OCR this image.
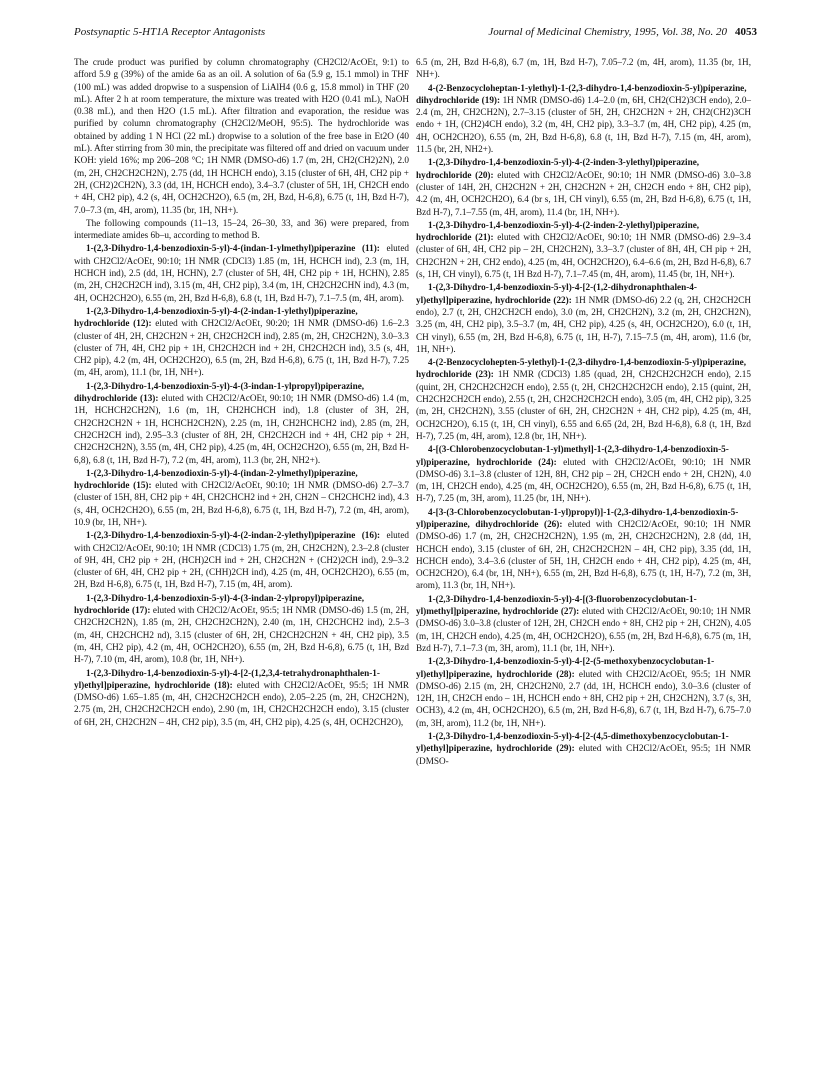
Postsynaptic 5-HT1A Receptor Antagonists	Journal of Medicinal Chemistry, 1995, Vol. 38, No. 20 4053

The crude product was purified by column chromatography (CH2Cl2/AcOEt, 9:1) to afford 5.9 g (39%) of the amide 6a as an oil. A solution of 6a (5.9 g, 15.1 mmol) in THF (100 mL) was added dropwise to a suspension of LiAlH4 (0.6 g, 15.8 mmol) in THF (20 mL). After 2 h at room temperature, the mixture was treated with H2O (0.41 mL), NaOH (0.38 mL), and then H2O (1.5 mL). After filtration and evaporation, the residue was purified by column chromatography (CH2Cl2/MeOH, 95:5). The hydrochloride was obtained by adding 1 N HCl (22 mL) dropwise to a solution of the free base in Et2O (40 mL). After stirring from 30 min, the precipitate was filtered off and dried on vacuum under KOH: yield 16%; mp 206–208 °C; 1H NMR (DMSO-d6) 1.7 (m, 2H, CH2(CH2)2N), 2.0 (m, 2H, CH2CH2CH2N), 2.75 (dd, 1H HCHCH endo), 3.15 (cluster of 6H, 4H, CH2 pip + 2H, (CH2)2CH2N), 3.3 (dd, 1H, HCHCH endo), 3.4–3.7 (cluster of 5H, 1H, CH2CH endo + 4H, CH2 pip), 4.2 (s, 4H, OCH2CH2O), 6.5 (m, 2H, Bzd, H-6,8), 6.75 (t, 1H, Bzd H-7), 7.0–7.3 (m, 4H, arom), 11.35 (br, 1H, NH+).

The following compounds (11–13, 15–24, 26–30, 33, and 36) were prepared, from intermediate amides 6b–u, according to method B.

1-(2,3-Dihydro-1,4-benzodioxin-5-yl)-4-(indan-1-ylmethyl)piperazine (11): eluted with CH2Cl2/AcOEt, 90:10; 1H NMR (CDCl3) 1.85 (m, 1H, HCHCH ind), 2.3 (m, 1H, HCHCH ind), 2.5 (dd, 1H, HCHN), 2.7 (cluster of 5H, 4H, CH2 pip + 1H, HCHN), 2.85 (m, 2H, CH2CH2CH ind), 3.15 (m, 4H, CH2 pip), 3.4 (m, 1H, CH2CH2CHN ind), 4.3 (m, 4H, OCH2CH2O), 6.55 (m, 2H, Bzd H-6,8), 6.8 (t, 1H, Bzd H-7), 7.1–7.5 (m, 4H, arom).

1-(2,3-Dihydro-1,4-benzodioxin-5-yl)-4-(2-indan-1-ylethyl)piperazine, hydrochloride (12): eluted with CH2Cl2/AcOEt, 90:20; 1H NMR (DMSO-d6) 1.6–2.3 (cluster of 4H, 2H, CH2CH2N + 2H, CH2CH2CH ind), 2.85 (m, 2H, CH2CH2N), 3.0–3.3 (cluster of 7H, 4H, CH2 pip + 1H, CH2CH2CH ind + 2H, CH2CH2CH ind), 3.5 (s, 4H, CH2 pip), 4.2 (m, 4H, OCH2CH2O), 6.5 (m, 2H, Bzd H-6,8), 6.75 (t, 1H, Bzd H-7), 7.25 (m, 4H, arom), 11.1 (br, 1H, NH+).

1-(2,3-Dihydro-1,4-benzodioxin-5-yl)-4-(3-indan-1-ylpropyl)piperazine, dihydrochloride (13): eluted with CH2Cl2/AcOEt, 90:10; 1H NMR (DMSO-d6) 1.4 (m, 1H, HCHCH2CH2N), 1.6 (m, 1H, CH2HCHCH ind), 1.8 (cluster of 3H, 2H, CH2CH2CH2N + 1H, HCHCH2CH2N), 2.25 (m, 1H, CH2HCHCH2 ind), 2.85 (m, 2H, CH2CH2CH ind), 2.95–3.3 (cluster of 8H, 2H, CH2CH2CH ind + 4H, CH2 pip + 2H, CH2CH2CH2N), 3.55 (m, 4H, CH2 pip), 4.25 (m, 4H, OCH2CH2O), 6.55 (m, 2H, Bzd H-6,8), 6.8 (t, 1H, Bzd H-7), 7.2 (m, 4H, arom), 11.3 (br, 2H, NH2+).

1-(2,3-Dihydro-1,4-benzodioxin-5-yl)-4-(indan-2-ylmethyl)piperazine, hydrochloride (15): eluted with CH2Cl2/AcOEt, 90:10; 1H NMR (DMSO-d6) 2.7–3.7 (cluster of 15H, 8H, CH2 pip + 4H, CH2CHCH2 ind + 2H, CH2N – CH2CHCH2 ind), 4.3 (s, 4H, OCH2CH2O), 6.55 (m, 2H, Bzd H-6,8), 6.75 (t, 1H, Bzd H-7), 7.2 (m, 4H, arom), 10.9 (br, 1H, NH+).

1-(2,3-Dihydro-1,4-benzodioxin-5-yl)-4-(2-indan-2-ylethyl)piperazine (16): eluted with CH2Cl2/AcOEt, 90:10; 1H NMR (CDCl3) 1.75 (m, 2H, CH2CH2N), 2.3–2.8 (cluster of 9H, 4H, CH2 pip + 2H, (HCH)2CH ind + 2H, CH2CH2N + (CH2)2CH ind), 2.9–3.2 (cluster of 6H, 4H, CH2 pip + 2H, (CHH)2CH ind), 4.25 (m, 4H, OCH2CH2O), 6.55 (m, 2H, Bzd H-6,8), 6.75 (t, 1H, Bzd H-7), 7.15 (m, 4H, arom).

1-(2,3-Dihydro-1,4-benzodioxin-5-yl)-4-(3-indan-2-ylpropyl)piperazine, hydrochloride (17): eluted with CH2Cl2/AcOEt, 95:5; 1H NMR (DMSO-d6) 1.5 (m, 2H, CH2CH2CH2N), 1.85 (m, 2H, CH2CH2CH2N), 2.40 (m, 1H, CH2CHCH2 ind), 2.5–3 (m, 4H, CH2CHCH2 nd), 3.15 (cluster of 6H, 2H, CH2CH2CH2N + 4H, CH2 pip), 3.5 (m, 4H, CH2 pip), 4.2 (m, 4H, OCH2CH2O), 6.55 (m, 2H, Bzd H-6,8), 6.75 (t, 1H, Bzd H-7), 7.10 (m, 4H, arom), 10.8 (br, 1H, NH+).

1-(2,3-Dihydro-1,4-benzodioxin-5-yl)-4-[2-(1,2,3,4-tetrahydronaphthalen-1-yl)ethyl]piperazine, hydrochloride (18): eluted with CH2Cl2/AcOEt, 95:5; 1H NMR (DMSO-d6) 1.65–1.85 (m, 4H, CH2CH2CH2CH endo), 2.05–2.25 (m, 2H, CH2CH2N), 2.75 (m, 2H, CH2CH2CH2CH endo), 2.90 (m, 1H, CH2CH2CH2CH endo), 3.15 (cluster of 6H, 2H, CH2CH2N – 4H, CH2 pip), 3.5 (m, 4H, CH2 pip), 4.25 (s, 4H, OCH2CH2O),

6.5 (m, 2H, Bzd H-6,8), 6.7 (m, 1H, Bzd H-7), 7.05–7.2 (m, 4H, arom), 11.35 (br, 1H, NH+).

4-(2-Benzocycloheptan-1-ylethyl)-1-(2,3-dihydro-1,4-benzodioxin-5-yl)piperazine, dihydrochloride (19): 1H NMR (DMSO-d6) 1.4–2.0 (m, 6H, CH2(CH2)3CH endo), 2.0–2.4 (m, 2H, CH2CH2N), 2.7–3.15 (cluster of 5H, 2H, CH2CH2N + 2H, CH2(CH2)3CH endo + 1H, (CH2)4CH endo), 3.2 (m, 4H, CH2 pip), 3.3–3.7 (m, 4H, CH2 pip), 4.25 (m, 4H, OCH2CH2O), 6.55 (m, 2H, Bzd H-6,8), 6.8 (t, 1H, Bzd H-7), 7.15 (m, 4H, arom), 11.5 (br, 2H, NH2+).

1-(2,3-Dihydro-1,4-benzodioxin-5-yl)-4-(2-inden-3-ylethyl)piperazine, hydrochloride (20): eluted with CH2Cl2/AcOEt, 90:10; 1H NMR (DMSO-d6) 3.0–3.8 (cluster of 14H, 2H, CH2CH2N + 2H, CH2CH2N + 2H, CH2CH endo + 8H, CH2 pip), 4.2 (m, 4H, OCH2CH2O), 6.4 (br s, 1H, CH vinyl), 6.55 (m, 2H, Bzd H-6,8), 6.75 (t, 1H, Bzd H-7), 7.1–7.55 (m, 4H, arom), 11.4 (br, 1H, NH+).

1-(2,3-Dihydro-1,4-benzodioxin-5-yl)-4-(2-inden-2-ylethyl)piperazine, hydrochloride (21): eluted with CH2Cl2/AcOEt, 90:10; 1H NMR (DMSO-d6) 2.9–3.4 (cluster of 6H, 4H, CH2 pip – 2H, CH2CH2N), 3.3–3.7 (cluster of 8H, 4H, CH pip + 2H, CH2CH2N + 2H, CH2 endo), 4.25 (m, 4H, OCH2CH2O), 6.4–6.6 (m, 2H, Bzd H-6,8), 6.7 (s, 1H, CH vinyl), 6.75 (t, 1H Bzd H-7), 7.1–7.45 (m, 4H, arom), 11.45 (br, 1H, NH+).

1-(2,3-Dihydro-1,4-benzodioxin-5-yl)-4-[2-(1,2-dihydronaphthalen-4-yl)ethyl]piperazine, hydrochloride (22): 1H NMR (DMSO-d6) 2.2 (q, 2H, CH2CH2CH endo), 2.7 (t, 2H, CH2CH2CH endo), 3.0 (m, 2H, CH2CH2N), 3.2 (m, 2H, CH2CH2N), 3.25 (m, 4H, CH2 pip), 3.5–3.7 (m, 4H, CH2 pip), 4.25 (s, 4H, OCH2CH2O), 6.0 (t, 1H, CH vinyl), 6.55 (m, 2H, Bzd H-6,8), 6.75 (t, 1H, H-7), 7.15–7.5 (m, 4H, arom), 11.6 (br, 1H, NH+).

4-(2-Benzocyclohepten-5-ylethyl)-1-(2,3-dihydro-1,4-benzodioxin-5-yl)piperazine, hydrochloride (23): 1H NMR (CDCl3) 1.85 (quad, 2H, CH2CH2CH2CH endo), 2.15 (quint, 2H, CH2CH2CH2CH endo), 2.55 (t, 2H, CH2CH2CH2CH endo), 2.15 (quint, 2H, CH2CH2CH2CH endo), 2.55 (t, 2H, CH2CH2CH2CH endo), 3.05 (m, 4H, CH2 pip), 3.25 (m, 2H, CH2CH2N), 3.55 (cluster of 6H, 2H, CH2CH2N + 4H, CH2 pip), 4.25 (m, 4H, OCH2CH2O), 6.15 (t, 1H, CH vinyl), 6.55 and 6.65 (2d, 2H, Bzd H-6,8), 6.8 (t, 1H, Bzd H-7), 7.25 (m, 4H, arom), 12.8 (br, 1H, NH+).

4-[(3-Chlorobenzocyclobutan-1-yl)methyl]-1-(2,3-dihydro-1,4-benzodioxin-5-yl)piperazine, hydrochloride (24): eluted with CH2Cl2/AcOEt, 90:10; 1H NMR (DMSO-d6) 3.1–3.8 (cluster of 12H, 8H, CH2 pip – 2H, CH2CH endo + 2H, CH2N), 4.0 (m, 1H, CH2CH endo), 4.25 (m, 4H, OCH2CH2O), 6.55 (m, 2H, Bzd H-6,8), 6.75 (t, 1H, H-7), 7.25 (m, 3H, arom), 11.25 (br, 1H, NH+).

4-[3-(3-Chlorobenzocyclobutan-1-yl)propyl)]-1-(2,3-dihydro-1,4-benzodioxin-5-yl)piperazine, dihydrochloride (26): eluted with CH2Cl2/AcOEt, 90:10; 1H NMR (DMSO-d6) 1.7 (m, 2H, CH2CH2CH2N), 1.95 (m, 2H, CH2CH2CH2N), 2.8 (dd, 1H, HCHCH endo), 3.15 (cluster of 6H, 2H, CH2CH2CH2N – 4H, CH2 pip), 3.35 (dd, 1H, HCHCH endo), 3.4–3.6 (cluster of 5H, 1H, CH2CH endo + 4H, CH2 pip), 4.25 (m, 4H, OCH2CH2O), 6.4 (br, 1H, NH+), 6.55 (m, 2H, Bzd H-6,8), 6.75 (t, 1H, H-7), 7.2 (m, 3H, arom), 11.3 (br, 1H, NH+).

1-(2,3-Dihydro-1,4-benzodioxin-5-yl)-4-[(3-fluorobenzocyclobutan-1-yl)methyl]piperazine, hydrochloride (27): eluted with CH2Cl2/AcOEt, 90:10; 1H NMR (DMSO-d6) 3.0–3.8 (cluster of 12H, 2H, CH2CH endo + 8H, CH2 pip + 2H, CH2N), 4.05 (m, 1H, CH2CH endo), 4.25 (m, 4H, OCH2CH2O), 6.55 (m, 2H, Bzd H-6,8), 6.75 (m, 1H, Bzd H-7), 7.1–7.3 (m, 3H, arom), 11.1 (br, 1H, NH+).

1-(2,3-Dihydro-1,4-benzodioxin-5-yl)-4-[2-(5-methoxybenzocyclobutan-1-yl)ethyl]piperazine, hydrochloride (28): eluted with CH2Cl2/AcOEt, 95:5; 1H NMR (DMSO-d6) 2.15 (m, 2H, CH2CH2N0, 2.7 (dd, 1H, HCHCH endo), 3.0–3.6 (cluster of 12H, 1H, CH2CH endo – 1H, HCHCH endo + 8H, CH2 pip + 2H, CH2CH2N), 3.7 (s, 3H, OCH3), 4.2 (m, 4H, OCH2CH2O), 6.5 (m, 2H, Bzd H-6,8), 6.7 (t, 1H, Bzd H-7), 6.75–7.0 (m, 3H, arom), 11.2 (br, 1H, NH+).

1-(2,3-Dihydro-1,4-benzodioxin-5-yl)-4-[2-(4,5-dimethoxybenzocyclobutan-1-yl)ethyl]piperazine, hydrochloride (29): eluted with CH2Cl2/AcOEt, 95:5; 1H NMR (DMSO-
